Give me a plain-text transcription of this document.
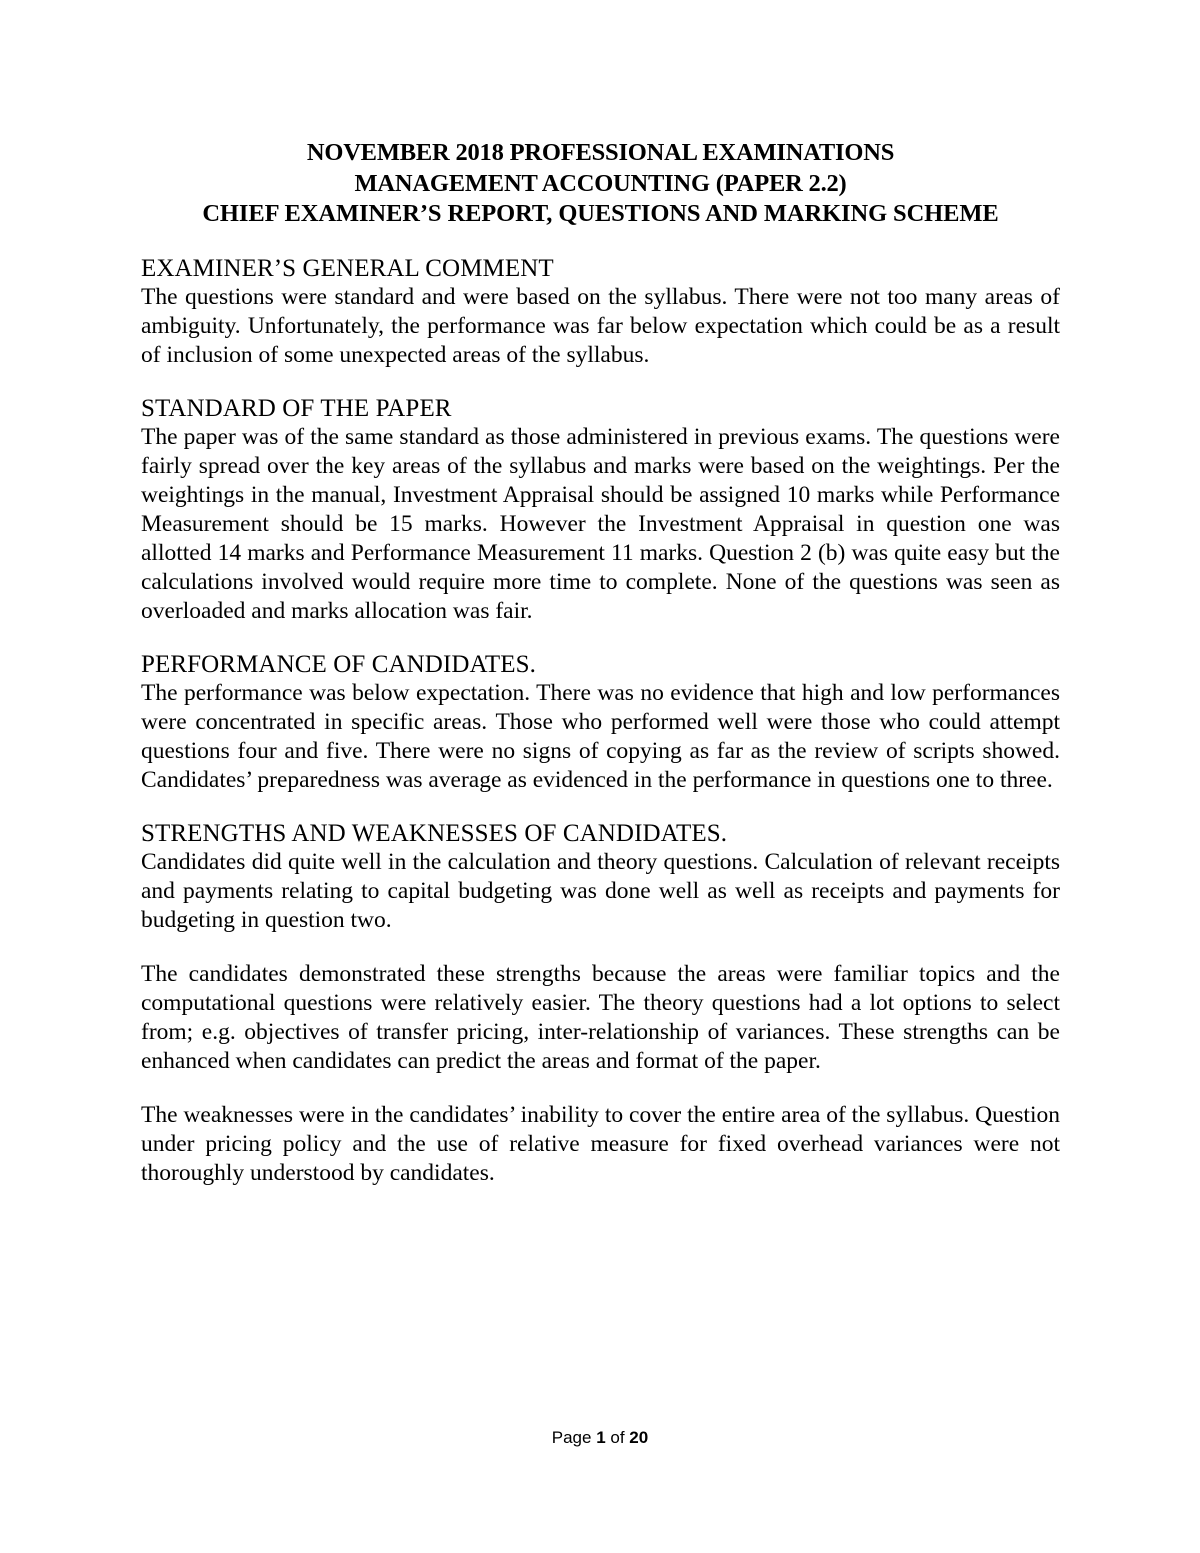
NOVEMBER 2018 PROFESSIONAL EXAMINATIONS
MANAGEMENT ACCOUNTING (PAPER 2.2)
CHIEF EXAMINER’S REPORT, QUESTIONS AND MARKING SCHEME
EXAMINER’S GENERAL COMMENT

The questions were standard and were based on the syllabus. There were not too many areas of ambiguity. Unfortunately, the performance was far below expectation which could be as a result of inclusion of some unexpected areas of the syllabus.

STANDARD OF THE PAPER

The paper was of the same standard as those administered in previous exams. The questions were fairly spread over the key areas of the syllabus and marks were based on the weightings. Per the weightings in the manual, Investment Appraisal should be assigned 10 marks while Performance Measurement should be 15 marks. However the Investment Appraisal in question one was allotted 14 marks and Performance Measurement 11 marks. Question 2 (b) was quite easy but the calculations involved would require more time to complete. None of the questions was seen as overloaded and marks allocation was fair.

PERFORMANCE OF CANDIDATES.

The performance was below expectation. There was no evidence that high and low performances were concentrated in specific areas. Those who performed well were those who could attempt questions four and five. There were no signs of copying as far as the review of scripts showed. Candidates’ preparedness was average as evidenced in the performance in questions one to three.

STRENGTHS AND WEAKNESSES OF CANDIDATES.

Candidates did quite well in the calculation and theory questions. Calculation of relevant receipts and payments relating to capital budgeting was done well as well as receipts and payments for budgeting in question two.

The candidates demonstrated these strengths because the areas were familiar topics and the computational questions were relatively easier. The theory questions had a lot options to select from; e.g. objectives of transfer pricing, inter-relationship of variances. These strengths can be enhanced when candidates can predict the areas and format of the paper.

The weaknesses were in the candidates’ inability to cover the entire area of the syllabus. Question under pricing policy and the use of relative measure for fixed overhead variances were not thoroughly understood by candidates.

Page 1 of 20
